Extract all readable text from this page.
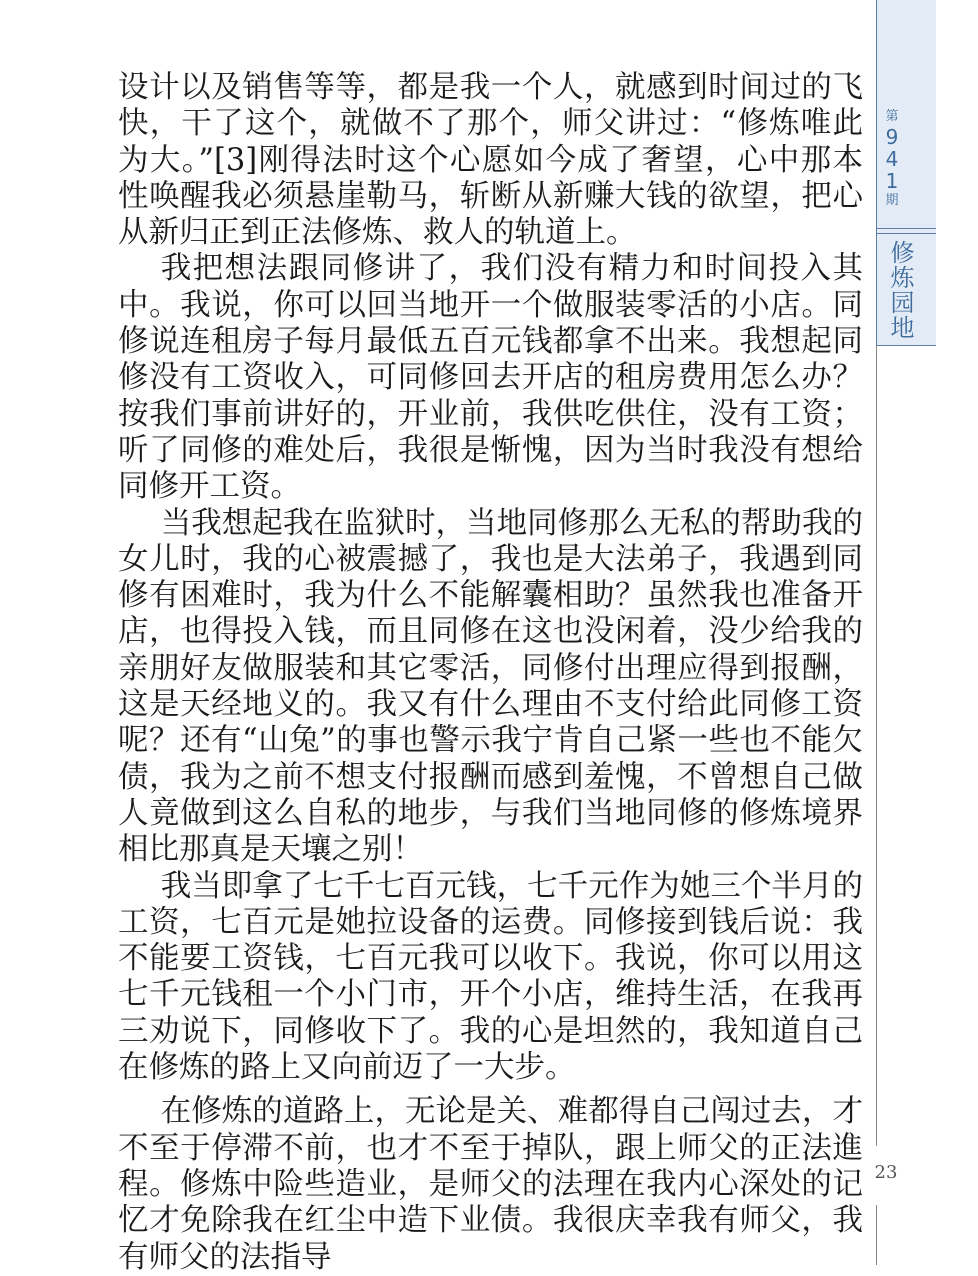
设计以及销售等等，都是我一个人，就感到时间过的飞快，干了这个，就做不了那个，师父讲过：“修炼唯此为大。”[3]刚得法时这个心愿如今成了奢望，心中那本性唤醒我必须悬崖勒马，斩断从新赚大钱的欲望，把心从新归正到正法修炼、救人的轨道上。

我把想法跟同修讲了，我们没有精力和时间投入其中。我说，你可以回当地开一个做服装零活的小店。同修说连租房子每月最低五百元钱都拿不出来。我想起同修没有工资收入，可同修回去开店的租房费用怎么办？按我们事前讲好的，开业前，我供吃供住，没有工资；听了同修的难处后，我很是惭愧，因为当时我没有想给同修开工资。

当我想起我在监狱时，当地同修那么无私的帮助我的女儿时，我的心被震撼了，我也是大法弟子，我遇到同修有困难时，我为什么不能解囊相助？虽然我也准备开店，也得投入钱，而且同修在这也没闲着，没少给我的亲朋好友做服装和其它零活，同修付出理应得到报酬，这是天经地义的。我又有什么理由不支付给此同修工资呢？还有“山兔”的事也警示我宁肯自己紧一些也不能欠债，我为之前不想支付报酬而感到羞愧，不曾想自己做人竟做到这么自私的地步，与我们当地同修的修炼境界相比那真是天壤之别！

我当即拿了七千七百元钱，七千元作为她三个半月的工资，七百元是她拉设备的运费。同修接到钱后说：我不能要工资钱，七百元我可以收下。我说，你可以用这七千元钱租一个小门市，开个小店，维持生活，在我再三劝说下，同修收下了。我的心是坦然的，我知道自己在修炼的路上又向前迈了一大步。

在修炼的道路上，无论是关、难都得自己闯过去，才不至于停滞不前，也才不至于掉队，跟上师父的正法進程。修炼中险些造业，是师父的法理在我内心深处的记忆才免除我在红尘中造下业债。我很庆幸我有师父，我有师父的法指导

第
9
4
1
期
修炼园地
23
